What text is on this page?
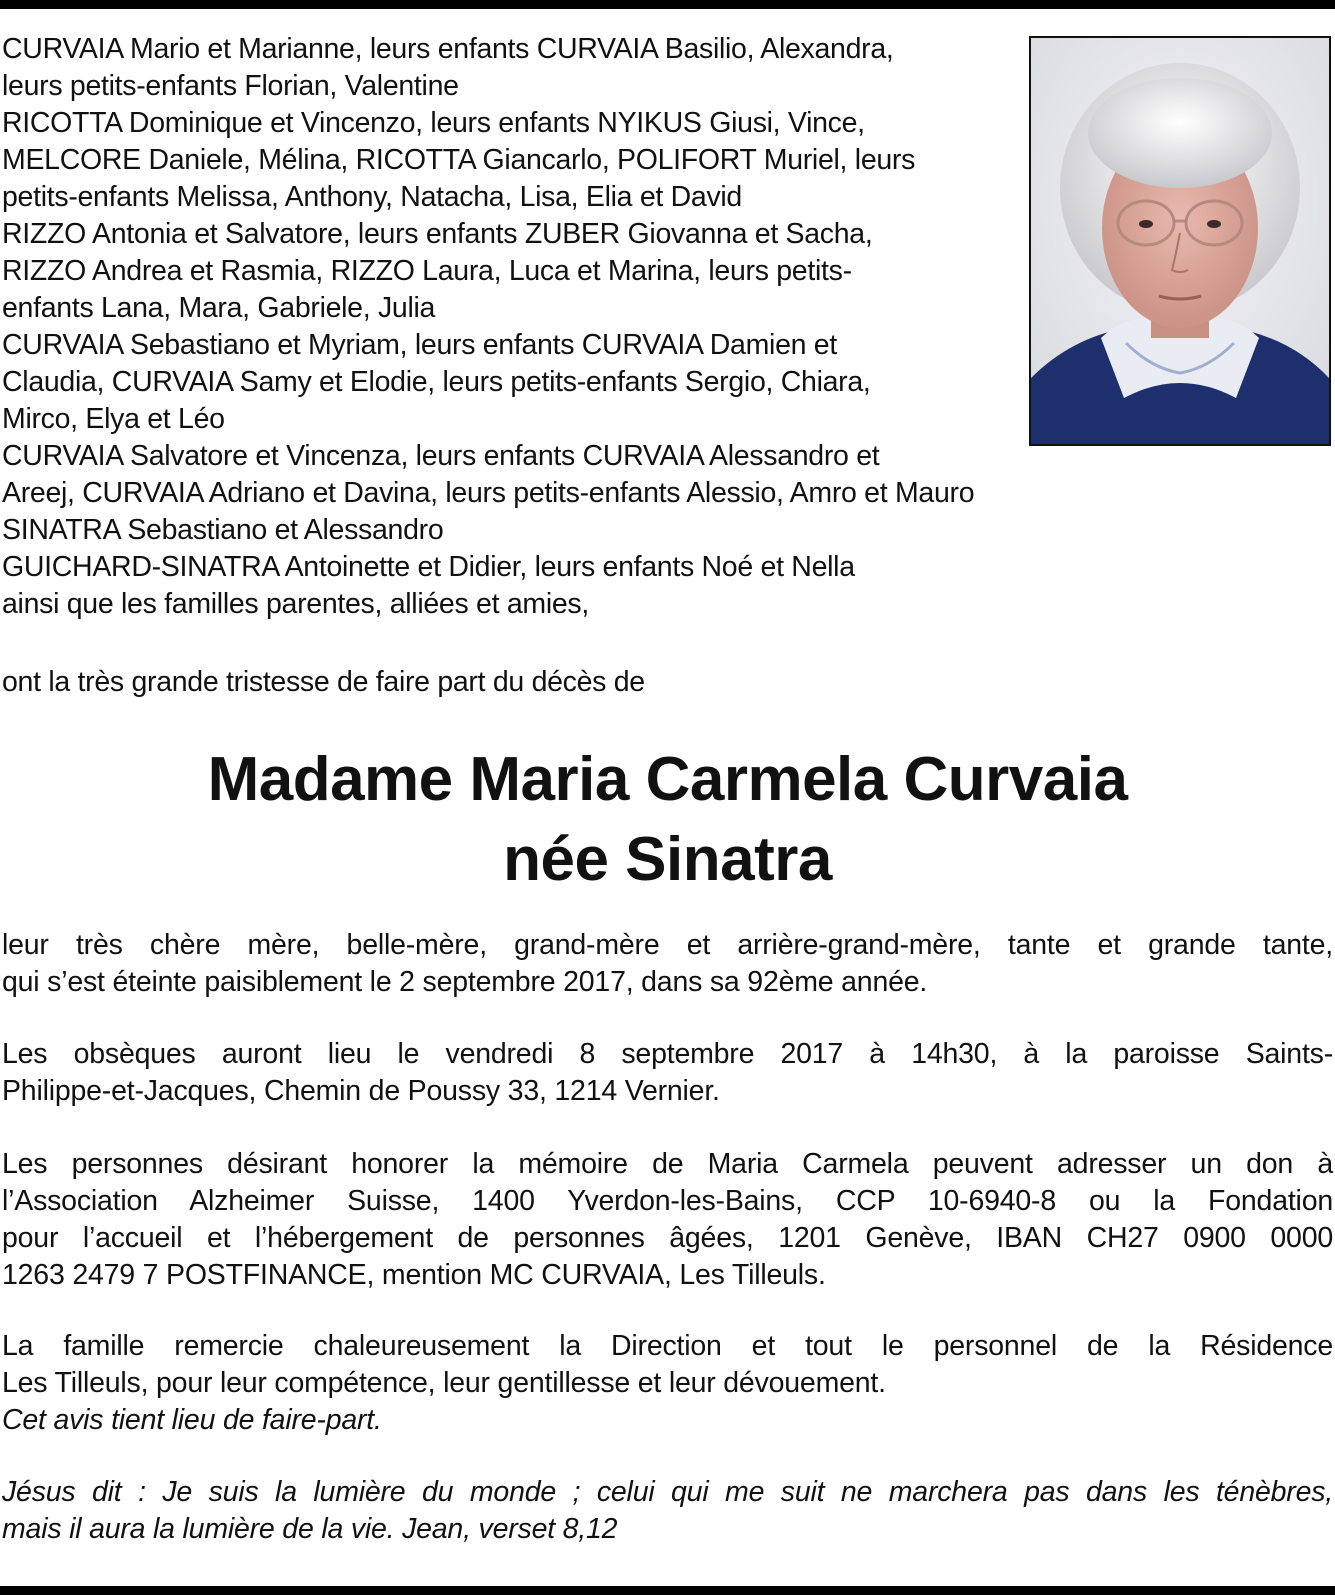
CURVAIA Mario et Marianne, leurs enfants CURVAIA Basilio, Alexandra,
leurs petits-enfants Florian, Valentine
RICOTTA Dominique et Vincenzo, leurs enfants NYIKUS Giusi, Vince,
MELCORE Daniele, Mélina, RICOTTA Giancarlo, POLIFORT Muriel, leurs
petits-enfants Melissa, Anthony, Natacha, Lisa, Elia et David
RIZZO Antonia et Salvatore, leurs enfants ZUBER Giovanna et Sacha,
RIZZO Andrea et Rasmia, RIZZO Laura, Luca et Marina, leurs petits-
enfants Lana, Mara, Gabriele, Julia
CURVAIA Sebastiano et Myriam, leurs enfants CURVAIA Damien et
Claudia, CURVAIA Samy et Elodie, leurs petits-enfants Sergio, Chiara,
Mirco, Elya et Léo
CURVAIA Salvatore et Vincenza, leurs enfants CURVAIA Alessandro et
Areej, CURVAIA Adriano et Davina, leurs petits-enfants Alessio, Amro et Mauro
SINATRA Sebastiano et Alessandro
GUICHARD-SINATRA Antoinette et Didier, leurs enfants Noé et Nella
ainsi que les familles parentes, alliées et amies,
ont la très grande tristesse de faire part du décès de
Madame Maria Carmela Curvaia
née Sinatra
leur très chère mère, belle-mère, grand-mère et arrière-grand-mère, tante et grande tante,
qui s’est éteinte paisiblement le 2 septembre 2017, dans sa 92ème année.
Les obsèques auront lieu le vendredi 8 septembre 2017 à 14h30, à la paroisse Saints-
Philippe-et-Jacques, Chemin de Poussy 33, 1214 Vernier.
Les personnes désirant honorer la mémoire de Maria Carmela peuvent adresser un don à
l’Association Alzheimer Suisse, 1400 Yverdon-les-Bains, CCP 10-6940-8 ou la Fondation
pour l’accueil et l’hébergement de personnes âgées, 1201 Genève, IBAN CH27 0900 0000
1263 2479 7 POSTFINANCE, mention MC CURVAIA, Les Tilleuls.
La famille remercie chaleureusement la Direction et tout le personnel de la Résidence
Les Tilleuls, pour leur compétence, leur gentillesse et leur dévouement.
Cet avis tient lieu de faire-part.
Jésus dit : Je suis la lumière du monde ; celui qui me suit ne marchera pas dans les ténèbres,
mais il aura la lumière de la vie. Jean, verset 8,12
